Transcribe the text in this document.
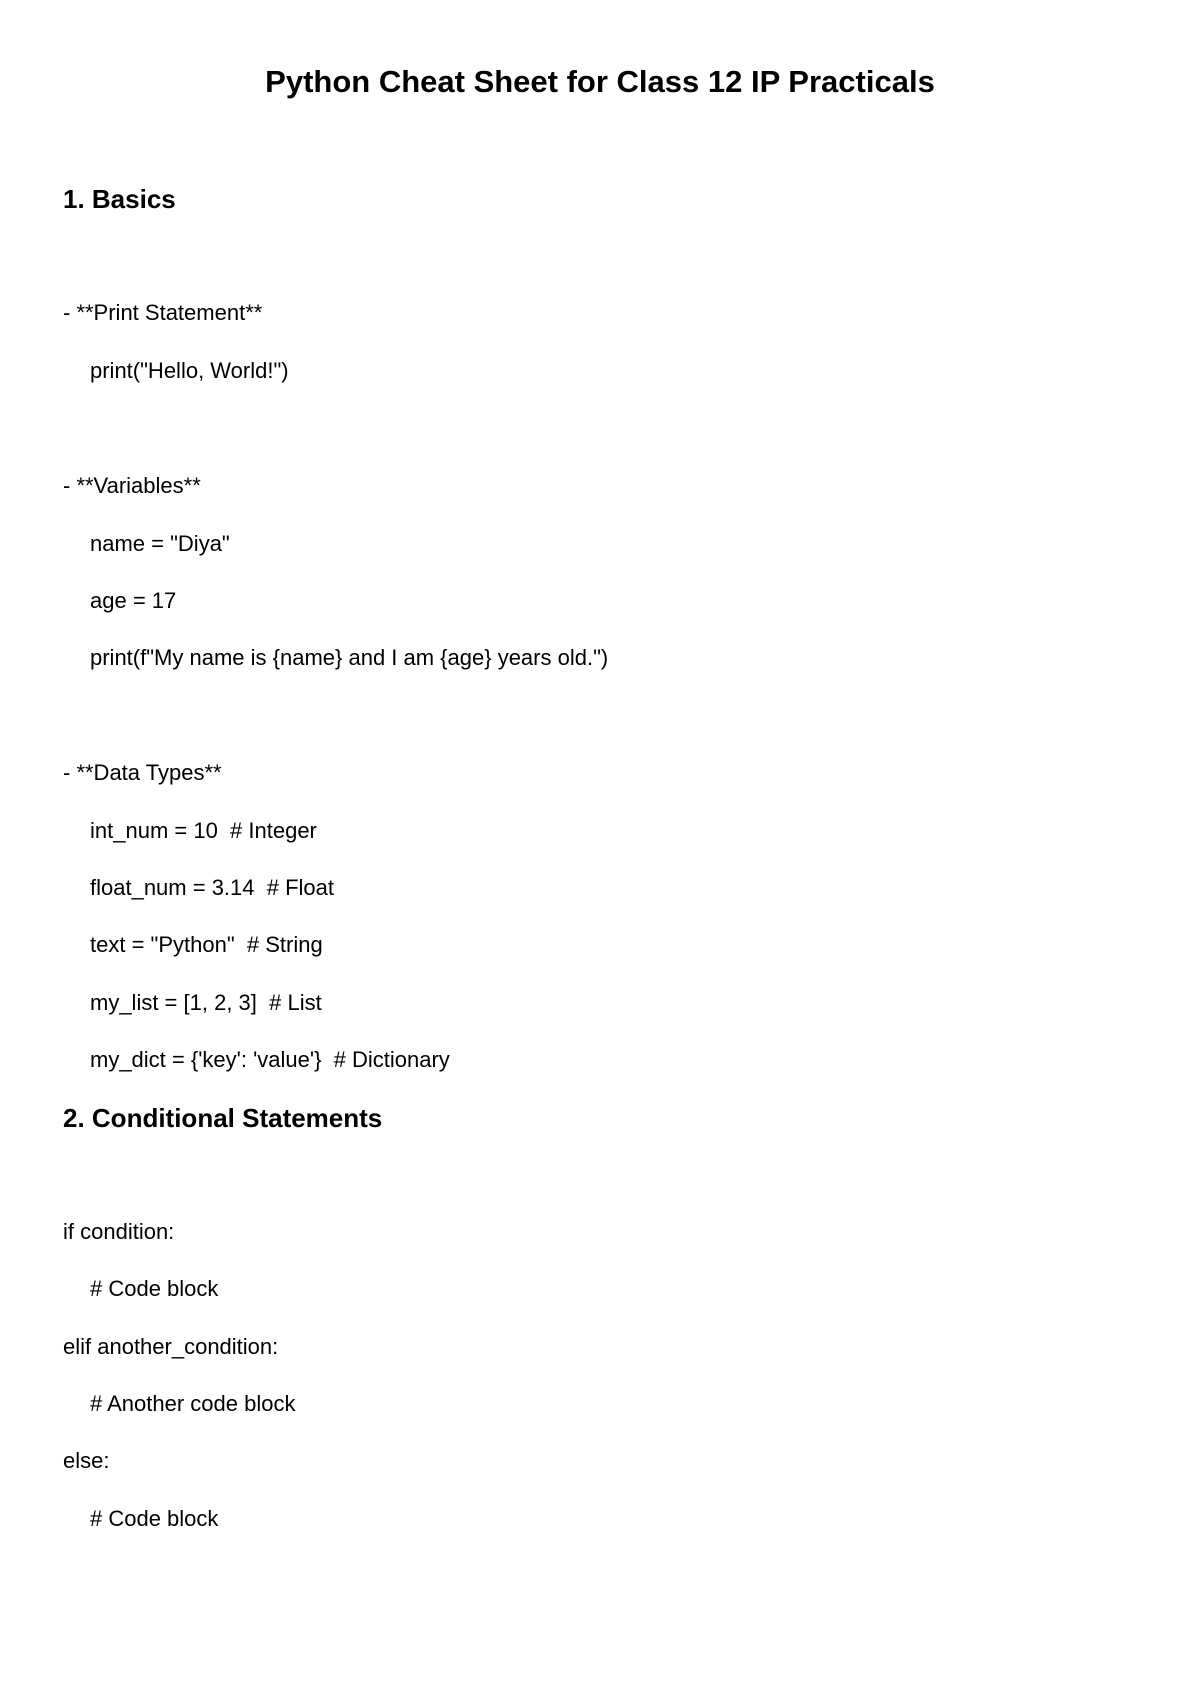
Python Cheat Sheet for Class 12 IP Practicals
1. Basics
- **Print Statement**
print("Hello, World!")
- **Variables**
name = "Diya"
age = 17
print(f"My name is {name} and I am {age} years old.")
- **Data Types**
int_num = 10  # Integer
float_num = 3.14  # Float
text = "Python"  # String
my_list = [1, 2, 3]  # List
my_dict = {'key': 'value'}  # Dictionary
2. Conditional Statements
if condition:
# Code block
elif another_condition:
# Another code block
else:
# Code block
